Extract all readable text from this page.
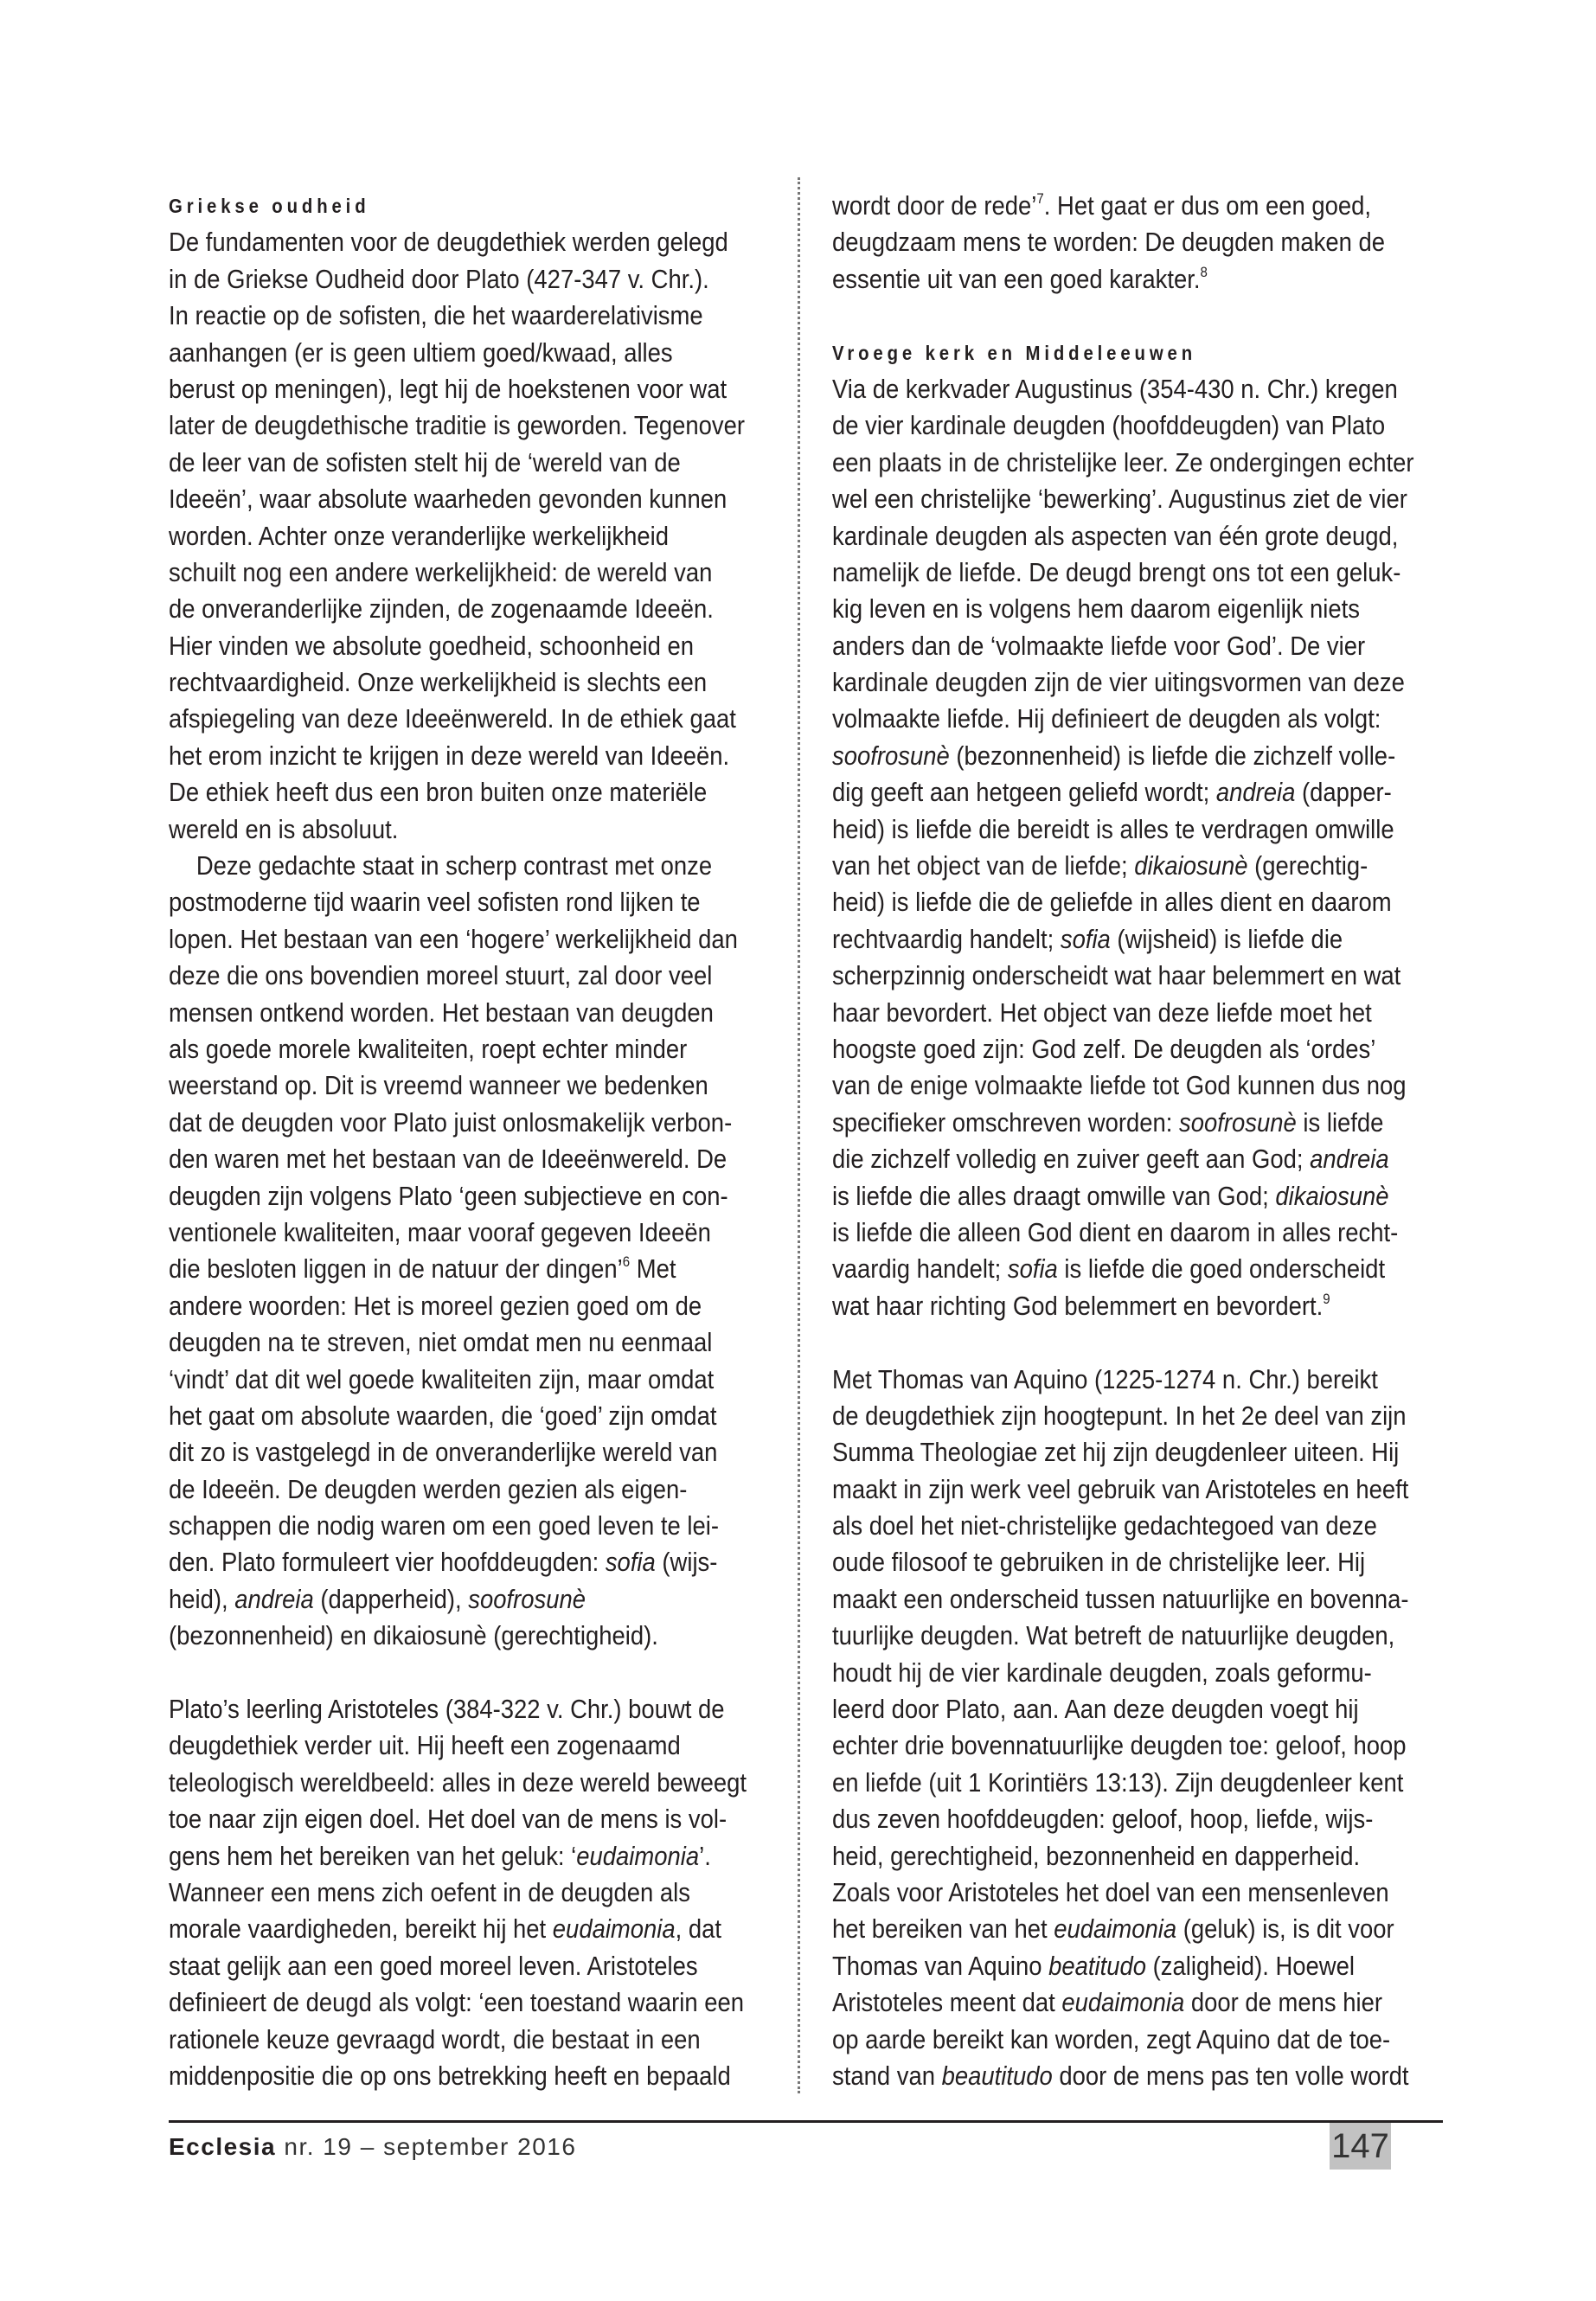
Griekse oudheid
De fundamenten voor de deugdethiek werden gelegd
in de Griekse Oudheid door Plato (427-347 v. Chr.).
In reactie op de sofisten, die het waarderelativisme
aanhangen (er is geen ultiem goed/kwaad, alles
berust op meningen), legt hij de hoekstenen voor wat
later de deugdethische traditie is geworden. Tegenover
de leer van de sofisten stelt hij de ‘wereld van de
Ideeën’, waar absolute waarheden gevonden kunnen
worden. Achter onze veranderlijke werkelijkheid
schuilt nog een andere werkelijkheid: de wereld van
de onveranderlijke zijnden, de zogenaamde Ideeën.
Hier vinden we absolute goedheid, schoonheid en
rechtvaardigheid. Onze werkelijkheid is slechts een
afspiegeling van deze Ideeënwereld. In de ethiek gaat
het erom inzicht te krijgen in deze wereld van Ideeën.
De ethiek heeft dus een bron buiten onze materiële
wereld en is absoluut.
Deze gedachte staat in scherp contrast met onze
postmoderne tijd waarin veel sofisten rond lijken te
lopen. Het bestaan van een ‘hogere’ werkelijkheid dan
deze die ons bovendien moreel stuurt, zal door veel
mensen ontkend worden. Het bestaan van deugden
als goede morele kwaliteiten, roept echter minder
weerstand op. Dit is vreemd wanneer we bedenken
dat de deugden voor Plato juist onlosmakelijk verbon-
den waren met het bestaan van de Ideeënwereld. De
deugden zijn volgens Plato ‘geen subjectieve en con-
ventionele kwaliteiten, maar vooraf gegeven Ideeën
die besloten liggen in de natuur der dingen’$^6$ Met
andere woorden: Het is moreel gezien goed om de
deugden na te streven, niet omdat men nu eenmaal
‘vindt’ dat dit wel goede kwaliteiten zijn, maar omdat
het gaat om absolute waarden, die ‘goed’ zijn omdat
dit zo is vastgelegd in de onveranderlijke wereld van
de Ideeën. De deugden werden gezien als eigen-
schappen die nodig waren om een goed leven te lei-
den. Plato formuleert vier hoofddeugden: sofia (wijs-
heid), andreia (dapperheid), soofrosunè
(bezonnenheid) en dikaiosunè (gerechtigheid).
Plato’s leerling Aristoteles (384-322 v. Chr.) bouwt de
deugdethiek verder uit. Hij heeft een zogenaamd
teleologisch wereldbeeld: alles in deze wereld beweegt
toe naar zijn eigen doel. Het doel van de mens is vol-
gens hem het bereiken van het geluk: ‘eudaimonia’.
Wanneer een mens zich oefent in de deugden als
morale vaardigheden, bereikt hij het eudaimonia, dat
staat gelijk aan een goed moreel leven. Aristoteles
definieert de deugd als volgt: ‘een toestand waarin een
rationele keuze gevraagd wordt, die bestaat in een
middenpositie die op ons betrekking heeft en bepaald
wordt door de rede’$^7$. Het gaat er dus om een goed,
deugdzaam mens te worden: De deugden maken de
essentie uit van een goed karakter.$^8$
Vroege kerk en Middeleeuwen
Via de kerkvader Augustinus (354-430 n. Chr.) kregen
de vier kardinale deugden (hoofddeugden) van Plato
een plaats in de christelijke leer. Ze ondergingen echter
wel een christelijke ‘bewerking’. Augustinus ziet de vier
kardinale deugden als aspecten van één grote deugd,
namelijk de liefde. De deugd brengt ons tot een geluk-
kig leven en is volgens hem daarom eigenlijk niets
anders dan de ‘volmaakte liefde voor God’. De vier
kardinale deugden zijn de vier uitingsvormen van deze
volmaakte liefde. Hij definieert de deugden als volgt:
soofrosunè (bezonnenheid) is liefde die zichzelf volle-
dig geeft aan hetgeen geliefd wordt; andreia (dapper-
heid) is liefde die bereidt is alles te verdragen omwille
van het object van de liefde; dikaiosunè (gerechtig-
heid) is liefde die de geliefde in alles dient en daarom
rechtvaardig handelt; sofia (wijsheid) is liefde die
scherpzinnig onderscheidt wat haar belemmert en wat
haar bevordert. Het object van deze liefde moet het
hoogste goed zijn: God zelf. De deugden als ‘ordes’
van de enige volmaakte liefde tot God kunnen dus nog
specifieker omschreven worden: soofrosunè is liefde
die zichzelf volledig en zuiver geeft aan God; andreia
is liefde die alles draagt omwille van God; dikaiosunè
is liefde die alleen God dient en daarom in alles recht-
vaardig handelt; sofia is liefde die goed onderscheidt
wat haar richting God belemmert en bevordert.$^9$
Met Thomas van Aquino (1225-1274 n. Chr.) bereikt
de deugdethiek zijn hoogtepunt. In het 2e deel van zijn
Summa Theologiae zet hij zijn deugdenleer uiteen. Hij
maakt in zijn werk veel gebruik van Aristoteles en heeft
als doel het niet-christelijke gedachtegoed van deze
oude filosoof te gebruiken in de christelijke leer. Hij
maakt een onderscheid tussen natuurlijke en bovenna-
tuurlijke deugden. Wat betreft de natuurlijke deugden,
houdt hij de vier kardinale deugden, zoals geformu-
leerd door Plato, aan. Aan deze deugden voegt hij
echter drie bovennatuurlijke deugden toe: geloof, hoop
en liefde (uit 1 Korintiërs 13:13). Zijn deugdenleer kent
dus zeven hoofddeugden: geloof, hoop, liefde, wijs-
heid, gerechtigheid, bezonnenheid en dapperheid.
Zoals voor Aristoteles het doel van een mensenleven
het bereiken van het eudaimonia (geluk) is, is dit voor
Thomas van Aquino beatitudo (zaligheid). Hoewel
Aristoteles meent dat eudaimonia door de mens hier
op aarde bereikt kan worden, zegt Aquino dat de toe-
stand van beautitudo door de mens pas ten volle wordt
Ecclesia nr. 19 – september 2016	147
